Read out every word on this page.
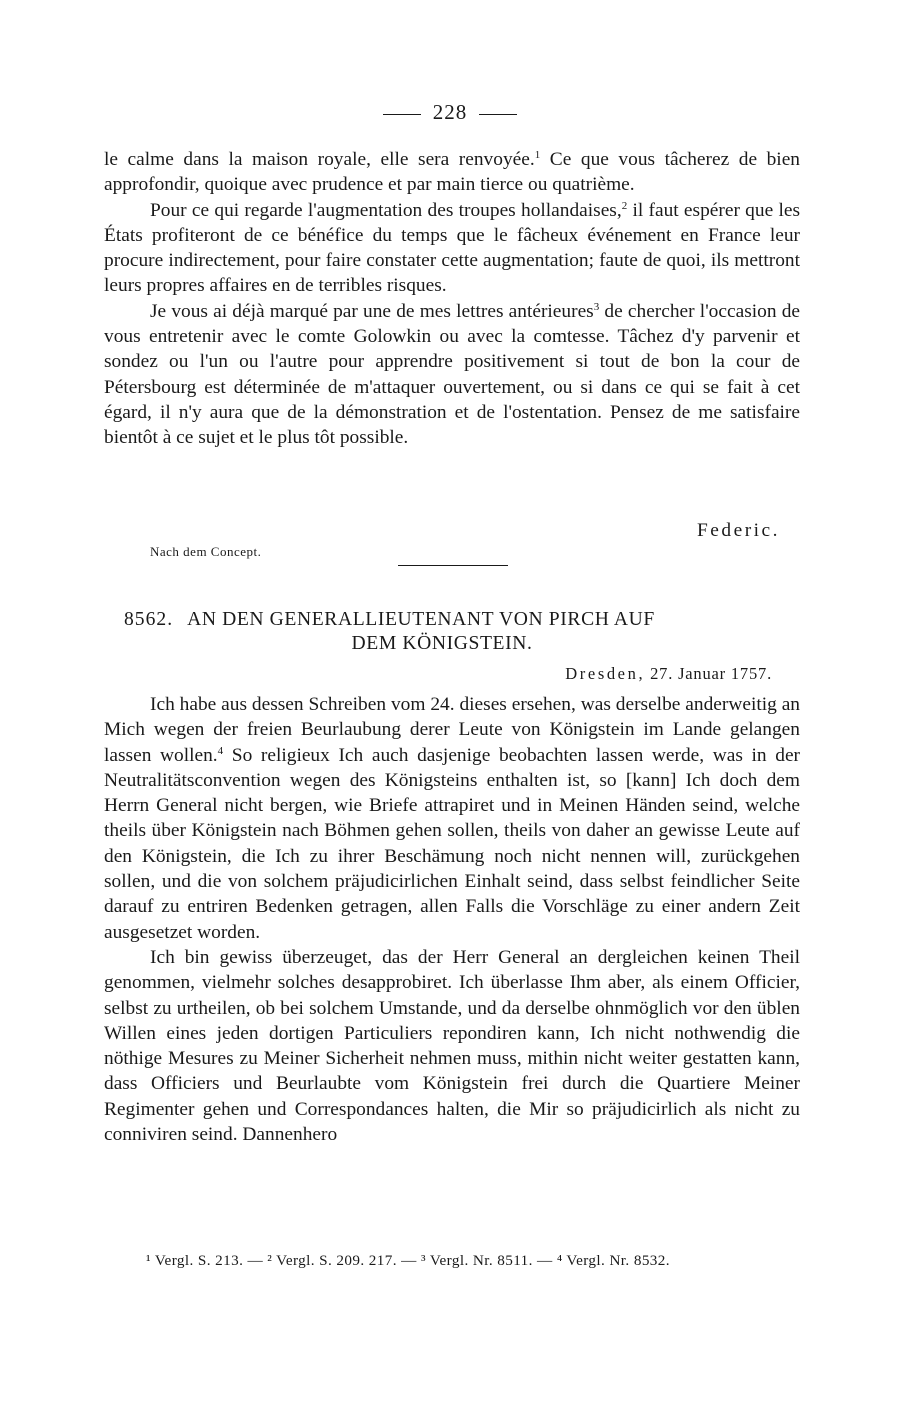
228

le calme dans la maison royale, elle sera renvoyée.$^1$ Ce que vous tâcherez de bien approfondir, quoique avec prudence et par main tierce ou quatrième.

Pour ce qui regarde l'augmentation des troupes hollandaises,$^2$ il faut espérer que les États profiteront de ce bénéfice du temps que le fâcheux événement en France leur procure indirectement, pour faire constater cette augmentation; faute de quoi, ils mettront leurs propres affaires en de terribles risques.

Je vous ai déjà marqué par une de mes lettres antérieures$^3$ de chercher l'occasion de vous entretenir avec le comte Golowkin ou avec la comtesse. Tâchez d'y parvenir et sondez ou l'un ou l'autre pour apprendre positivement si tout de bon la cour de Pétersbourg est déterminée de m'attaquer ouvertement, ou si dans ce qui se fait à cet égard, il n'y aura que de la démonstration et de l'ostentation. Pensez de me satisfaire bientôt à ce sujet et le plus tôt possible.

Federic.
Nach dem Concept.
8562. AN DEN GENERALLIEUTENANT VON PIRCH AUF
DEM KÖNIGSTEIN.
Dresden, 27. Januar 1757.

Ich habe aus dessen Schreiben vom 24. dieses ersehen, was derselbe anderweitig an Mich wegen der freien Beurlaubung derer Leute von Königstein im Lande gelangen lassen wollen.$^4$ So religieux Ich auch dasjenige beobachten lassen werde, was in der Neutralitätsconvention wegen des Königsteins enthalten ist, so [kann] Ich doch dem Herrn General nicht bergen, wie Briefe attrapiret und in Meinen Händen seind, welche theils über Königstein nach Böhmen gehen sollen, theils von daher an gewisse Leute auf den Königstein, die Ich zu ihrer Beschämung noch nicht nennen will, zurückgehen sollen, und die von solchem präjudicirlichen Einhalt seind, dass selbst feindlicher Seite darauf zu entriren Bedenken getragen, allen Falls die Vorschläge zu einer andern Zeit ausgesetzet worden.

Ich bin gewiss überzeuget, das der Herr General an dergleichen keinen Theil genommen, vielmehr solches desapprobiret. Ich überlasse Ihm aber, als einem Officier, selbst zu urtheilen, ob bei solchem Umstande, und da derselbe ohnmöglich vor den üblen Willen eines jeden dortigen Particuliers repondiren kann, Ich nicht nothwendig die nöthige Mesures zu Meiner Sicherheit nehmen muss, mithin nicht weiter gestatten kann, dass Officiers und Beurlaubte vom Königstein frei durch die Quartiere Meiner Regimenter gehen und Correspondances halten, die Mir so präjudicirlich als nicht zu conniviren seind. Dannenhero

¹ Vergl. S. 213. — ² Vergl. S. 209. 217. — ³ Vergl. Nr. 8511. — ⁴ Vergl. Nr. 8532.
